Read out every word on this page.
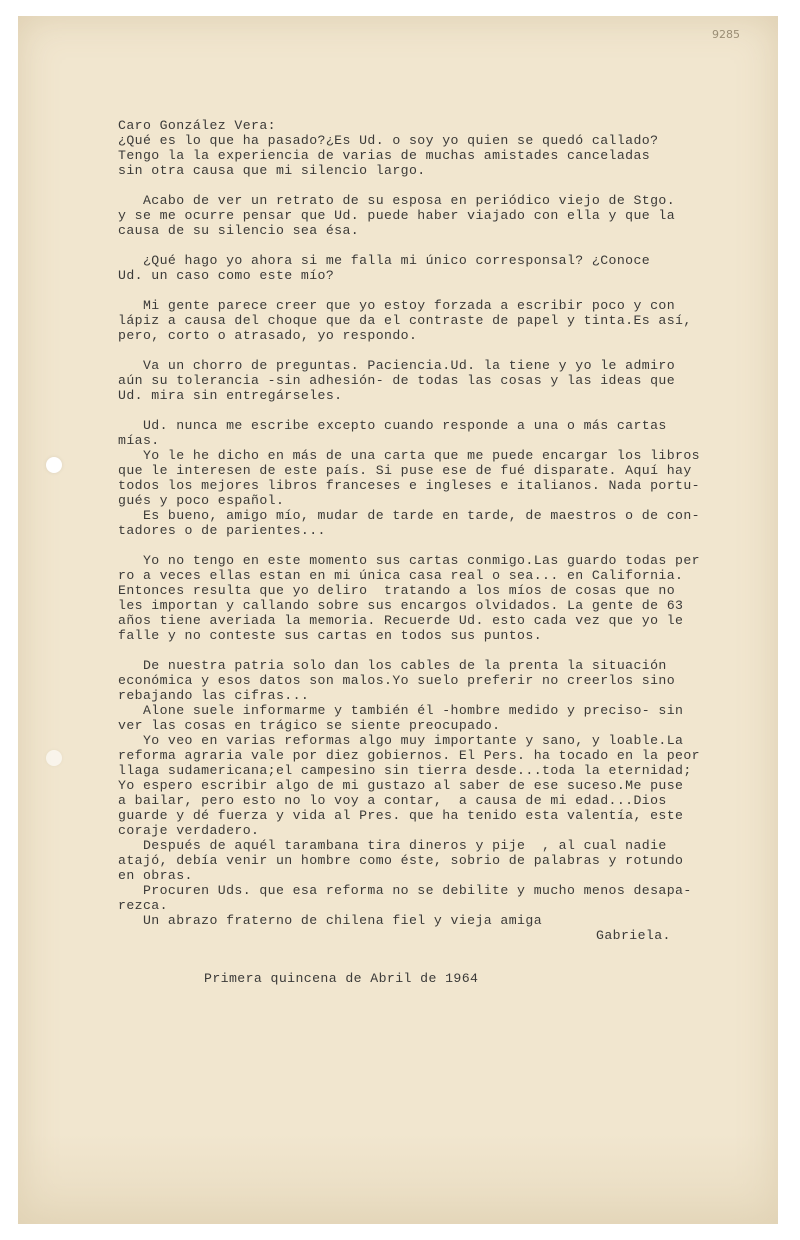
9285
Caro González Vera:
¿Qué es lo que ha pasado?¿Es Ud. o soy yo quien se quedó callado?
Tengo la la experiencia de varias de muchas amistades canceladas
sin otra causa que mi silencio largo.
Acabo de ver un retrato de su esposa en periódico viejo de Stgo.
y se me ocurre pensar que Ud. puede haber viajado con ella y que la
causa de su silencio sea ésa.
¿Qué hago yo ahora si me falla mi único corresponsal? ¿Conoce
Ud. un caso como este mío?
Mi gente parece creer que yo estoy forzada a escribir poco y con
lápiz a causa del choque que da el contraste de papel y tinta.Es así,
pero, corto o atrasado, yo respondo.
Va un chorro de preguntas. Paciencia.Ud. la tiene y yo le admiro
aún su tolerancia -sin adhesión- de todas las cosas y las ideas que
Ud. mira sin entregárseles.
Ud. nunca me escribe excepto cuando responde a una o más cartas
mías.
Yo le he dicho en más de una carta que me puede encargar los libros
que le interesen de este país. Si puse ese de fué disparate. Aquí hay
todos los mejores libros franceses e ingleses e italianos. Nada portu-
gués y poco español.
Es bueno, amigo mío, mudar de tarde en tarde, de maestros o de con-
tadores o de parientes...
Yo no tengo en este momento sus cartas conmigo.Las guardo todas per
ro a veces ellas estan en mi única casa real o sea... en California.
Entonces resulta que yo deliro  tratando a los míos de cosas que no
les importan y callando sobre sus encargos olvidados. La gente de 63
años tiene averiada la memoria. Recuerde Ud. esto cada vez que yo le
falle y no conteste sus cartas en todos sus puntos.
De nuestra patria solo dan los cables de la prenta la situación
económica y esos datos son malos.Yo suelo preferir no creerlos sino
rebajando las cifras...
Alone suele informarme y también él -hombre medido y preciso- sin
ver las cosas en trágico se siente preocupado.
Yo veo en varias reformas algo muy importante y sano, y loable.La
reforma agraria vale por diez gobiernos. El Pers. ha tocado en la peor
llaga sudamericana;el campesino sin tierra desde...toda la eternidad;
Yo espero escribir algo de mi gustazo al saber de ese suceso.Me puse
a bailar, pero esto no lo voy a contar,  a causa de mi edad...Dios
guarde y dé fuerza y vida al Pres. que ha tenido esta valentía, este
coraje verdadero.
Después de aquél tarambana tira dineros y pije  , al cual nadie
atajó, debía venir un hombre como éste, sobrio de palabras y rotundo
en obras.
Procuren Uds. que esa reforma no se debilite y mucho menos desapa-
rezca.
Un abrazo fraterno de chilena fiel y vieja amiga
Gabriela.
Primera quincena de Abril de 1964
